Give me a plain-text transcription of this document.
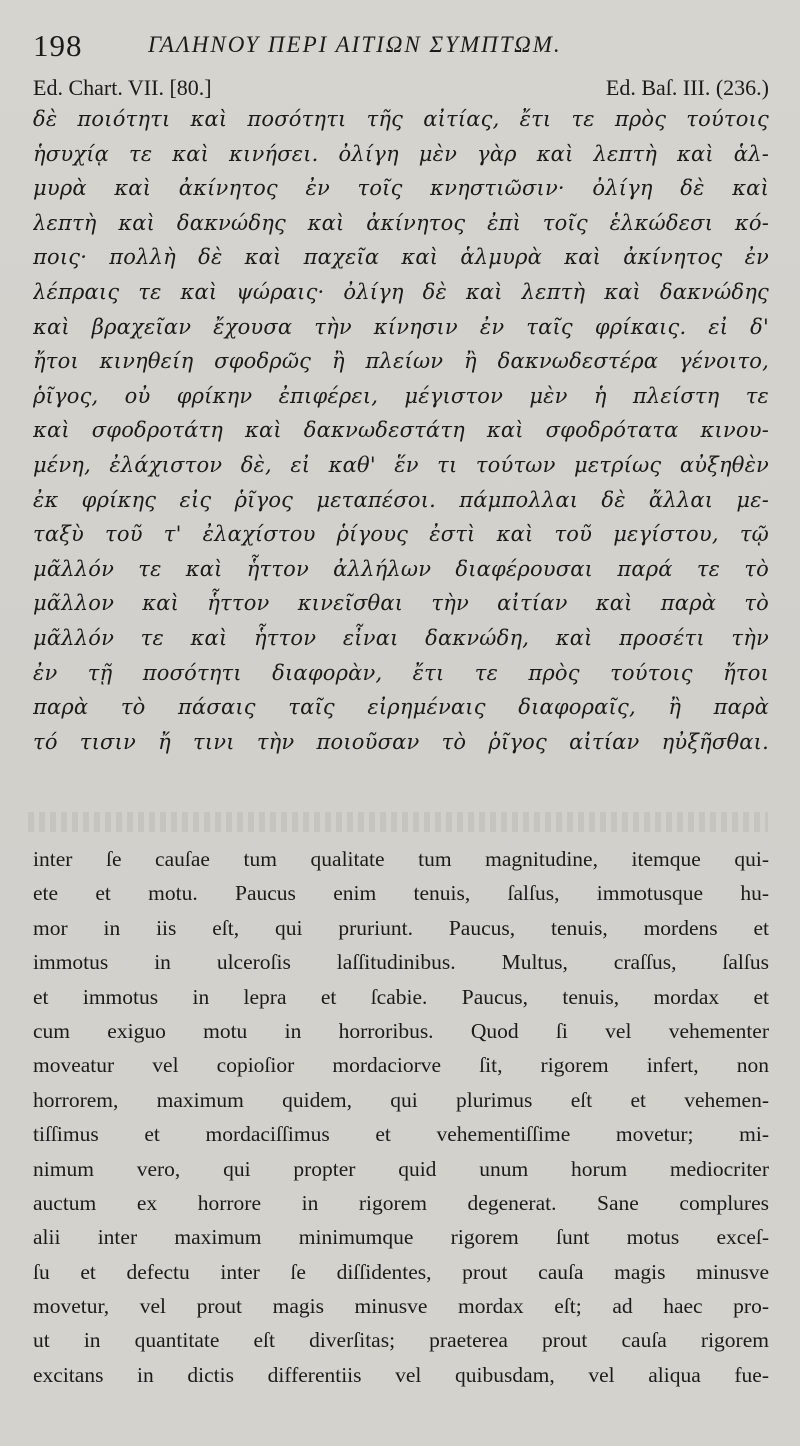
198	ΓΑΛΗΝΟΥ ΠΕΡΙ ΑΙΤΙΩΝ ΣΥΜΠΤΩΜ.
Ed. Chart. VII. [80.]	Ed. Baſ. III. (236.)
δὲ ποιότητι καὶ ποσότητι τῆς αἰτίας, ἔτι τε πρὸς τούτοις
ἡσυχίᾳ τε καὶ κινήσει. ὀλίγη μὲν γὰρ καὶ λεπτὴ καὶ ἁλ-
μυρὰ καὶ ἀκίνητος ἐν τοῖς κνηστιῶσιν· ὀλίγη δὲ καὶ
λεπτὴ καὶ δακνώδης καὶ ἀκίνητος ἐπὶ τοῖς ἑλκώδεσι κό-
ποις· πολλὴ δὲ καὶ παχεῖα καὶ ἁλμυρὰ καὶ ἀκίνητος ἐν
λέπραις τε καὶ ψώραις· ὀλίγη δὲ καὶ λεπτὴ καὶ δακνώδης
καὶ βραχεῖαν ἔχουσα τὴν κίνησιν ἐν ταῖς φρίκαις. εἰ δ'
ἤτοι κινηθείη σφοδρῶς ἢ πλείων ἢ δακνωδεστέρα γένοιτο,
ῥῖγος, οὐ φρίκην ἐπιφέρει, μέγιστον μὲν ἡ πλείστη τε
καὶ σφοδροτάτη καὶ δακνωδεστάτη καὶ σφοδρότατα κινου-
μένη, ἐλάχιστον δὲ, εἰ καθ' ἕν τι τούτων μετρίως αὐξηθὲν
ἐκ φρίκης εἰς ῥῖγος μεταπέσοι. πάμπολλαι δὲ ἄλλαι με-
ταξὺ τοῦ τ' ἐλαχίστου ῥίγους ἐστὶ καὶ τοῦ μεγίστου, τῷ
μᾶλλόν τε καὶ ἧττον ἀλλήλων διαφέρουσαι παρά τε τὸ
μᾶλλον καὶ ἧττον κινεῖσθαι τὴν αἰτίαν καὶ παρὰ τὸ
μᾶλλόν τε καὶ ἧττον εἶναι δακνώδη, καὶ προσέτι τὴν
ἐν τῇ ποσότητι διαφορὰν, ἔτι τε πρὸς τούτοις ἤτοι
παρὰ τὸ πάσαις ταῖς εἰρημέναις διαφοραῖς, ἢ παρὰ
τό τισιν ἤ τινι τὴν ποιοῦσαν τὸ ῥῖγος αἰτίαν ηὐξῆσθαι.
inter ſe cauſae tum qualitate tum magnitudine, itemque qui-
ete et motu. Paucus enim tenuis, ſalſus, immotusque hu-
mor in iis eſt, qui pruriunt. Paucus, tenuis, mordens et
immotus in ulceroſis laſſitudinibus. Multus, craſſus, ſalſus
et immotus in lepra et ſcabie. Paucus, tenuis, mordax et
cum exiguo motu in horroribus. Quod ſi vel vehementer
moveatur vel copioſior mordaciorve ſit, rigorem infert, non
horrorem, maximum quidem, qui plurimus eſt et vehemen-
tiſſimus et mordaciſſimus et vehementiſſime movetur; mi-
nimum vero, qui propter quid unum horum mediocriter
auctum ex horrore in rigorem degenerat. Sane complures
alii inter maximum minimumque rigorem ſunt motus exceſ-
ſu et defectu inter ſe diſſidentes, prout cauſa magis minusve
movetur, vel prout magis minusve mordax eſt; ad haec pro-
ut in quantitate eſt diverſitas; praeterea prout cauſa rigorem
excitans in dictis differentiis vel quibusdam, vel aliqua fue-
